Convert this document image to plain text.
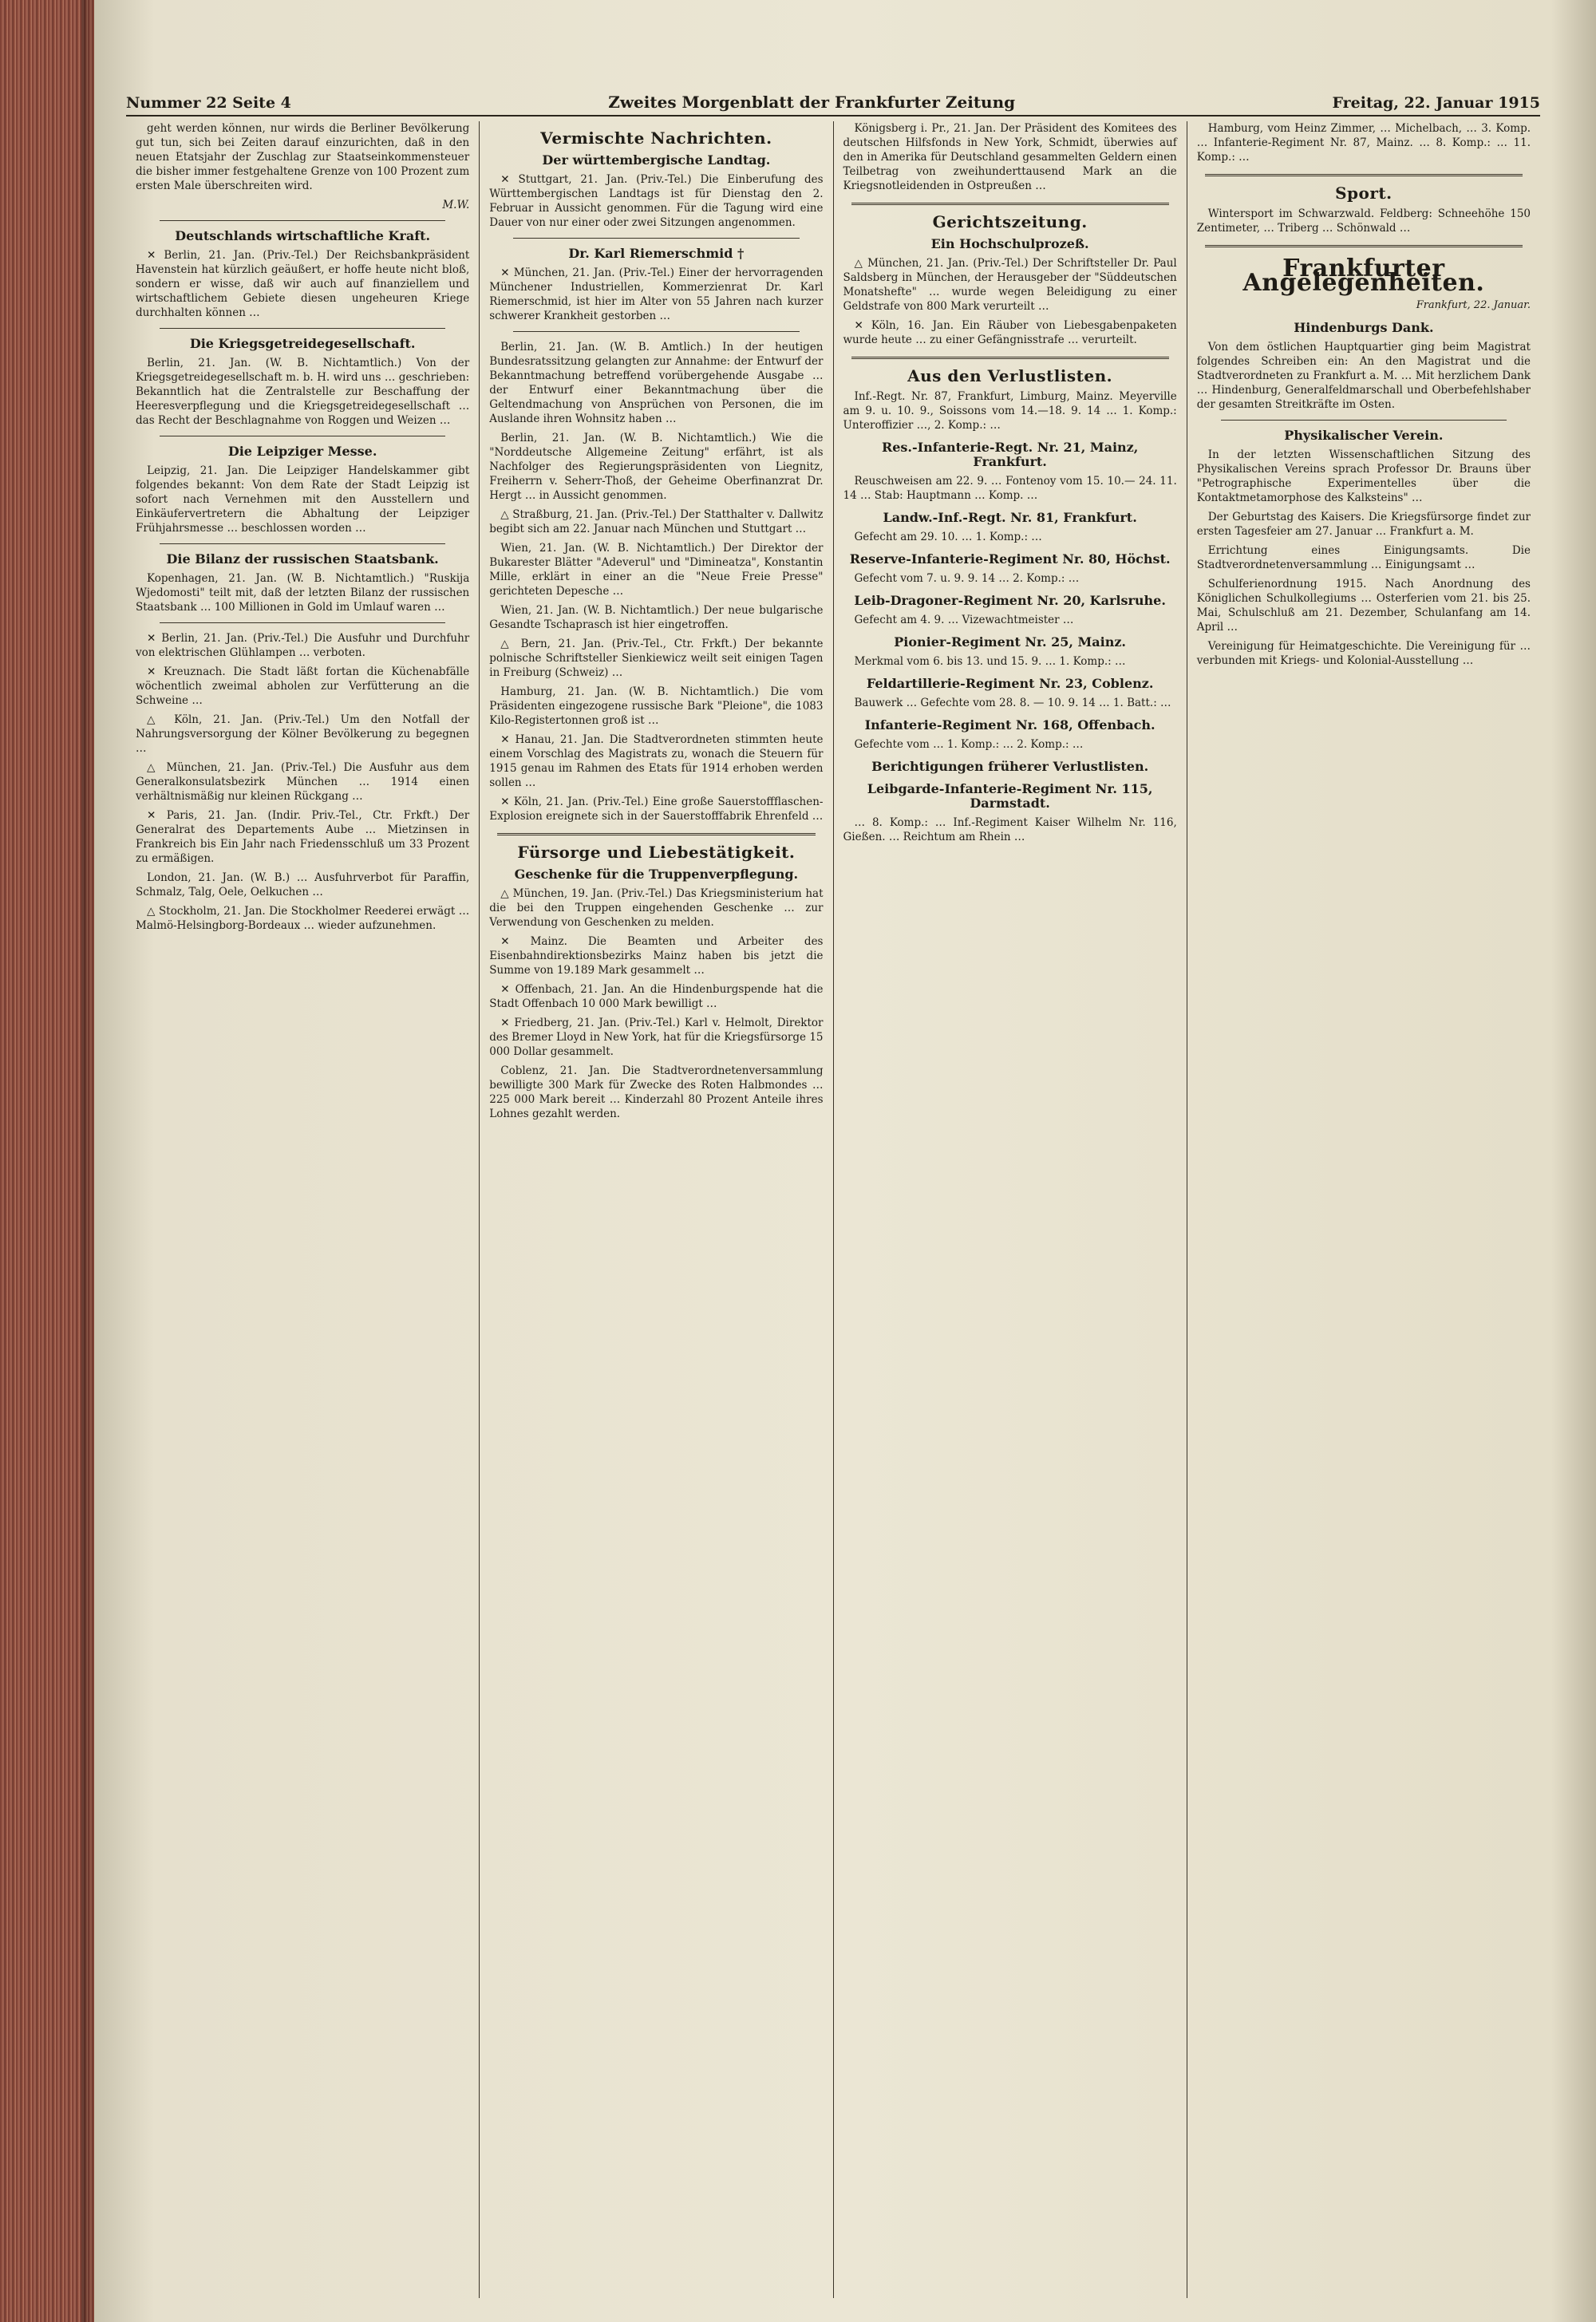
Nummer 22 Seite 4	Zweites Morgenblatt der Frankfurter Zeitung	Freitag, 22. Januar 1915

geht werden können, nur wirds die Berliner Bevölkerung gut tun, sich bei Zeiten darauf einzurichten, daß in den neuen Etatsjahr der Zuschlag zur Staatseinkommensteuer die bisher immer festgehaltene Grenze von 100 Prozent zum ersten Male überschreiten wird.

M.W.
Deutschlands wirtschaftliche Kraft.

✕ Berlin, 21. Jan. (Priv.-Tel.) Der Reichsbankpräsident Havenstein hat kürzlich geäußert, er hoffe heute nicht bloß, sondern er wisse, daß wir auch auf finanziellem und wirtschaftlichem Gebiete diesen ungeheuren Kriege durchhalten können …

Die Kriegsgetreidegesellschaft.

Berlin, 21. Jan. (W. B. Nichtamtlich.) Von der Kriegsgetreidegesellschaft m. b. H. wird uns … geschrieben: Bekanntlich hat die Zentralstelle zur Beschaffung der Heeresverpflegung und die Kriegsgetreidegesellschaft … das Recht der Beschlagnahme von Roggen und Weizen …

Die Leipziger Messe.

Leipzig, 21. Jan. Die Leipziger Handelskammer gibt folgendes bekannt: Von dem Rate der Stadt Leipzig ist sofort nach Vernehmen mit den Ausstellern und Einkäufervertretern die Abhaltung der Leipziger Frühjahrsmesse … beschlossen worden …

Die Bilanz der russischen Staatsbank.

Kopenhagen, 21. Jan. (W. B. Nichtamtlich.) "Ruskija Wjedomosti" teilt mit, daß der letzten Bilanz der russischen Staatsbank … 100 Millionen in Gold im Umlauf waren …

✕ Berlin, 21. Jan. (Priv.-Tel.) Die Ausfuhr und Durchfuhr von elektrischen Glühlampen … verboten.

✕ Kreuznach. Die Stadt läßt fortan die Küchenabfälle wöchentlich zweimal abholen zur Verfütterung an die Schweine …

△ Köln, 21. Jan. (Priv.-Tel.) Um den Notfall der Nahrungsversorgung der Kölner Bevölkerung zu begegnen …

△ München, 21. Jan. (Priv.-Tel.) Die Ausfuhr aus dem Generalkonsulatsbezirk München … 1914 einen verhältnismäßig nur kleinen Rückgang …

✕ Paris, 21. Jan. (Indir. Priv.-Tel., Ctr. Frkft.) Der Generalrat des Departements Aube … Mietzinsen in Frankreich bis Ein Jahr nach Friedensschluß um 33 Prozent zu ermäßigen.

London, 21. Jan. (W. B.) … Ausfuhrverbot für Paraffin, Schmalz, Talg, Oele, Oelkuchen …

△ Stockholm, 21. Jan. Die Stockholmer Reederei erwägt … Malmö-Helsingborg-Bordeaux … wieder aufzunehmen.

Vermischte Nachrichten.
Der württembergische Landtag.

✕ Stuttgart, 21. Jan. (Priv.-Tel.) Die Einberufung des Württembergischen Landtags ist für Dienstag den 2. Februar in Aussicht genommen. Für die Tagung wird eine Dauer von nur einer oder zwei Sitzungen angenommen.

Dr. Karl Riemerschmid †

✕ München, 21. Jan. (Priv.-Tel.) Einer der hervorragenden Münchener Industriellen, Kommerzienrat Dr. Karl Riemerschmid, ist hier im Alter von 55 Jahren nach kurzer schwerer Krankheit gestorben …

Berlin, 21. Jan. (W. B. Amtlich.) In der heutigen Bundesratssitzung gelangten zur Annahme: der Entwurf der Bekanntmachung betreffend vorübergehende Ausgabe … der Entwurf einer Bekanntmachung über die Geltendmachung von Ansprüchen von Personen, die im Auslande ihren Wohnsitz haben …

Berlin, 21. Jan. (W. B. Nichtamtlich.) Wie die "Norddeutsche Allgemeine Zeitung" erfährt, ist als Nachfolger des Regierungspräsidenten von Liegnitz, Freiherrn v. Seherr-Thoß, der Geheime Oberfinanzrat Dr. Hergt … in Aussicht genommen.

△ Straßburg, 21. Jan. (Priv.-Tel.) Der Statthalter v. Dallwitz begibt sich am 22. Januar nach München und Stuttgart …

Wien, 21. Jan. (W. B. Nichtamtlich.) Der Direktor der Bukarester Blätter "Adeverul" und "Dimineatza", Konstantin Mille, erklärt in einer an die "Neue Freie Presse" gerichteten Depesche …

Wien, 21. Jan. (W. B. Nichtamtlich.) Der neue bulgarische Gesandte Tschaprasch ist hier eingetroffen.

△ Bern, 21. Jan. (Priv.-Tel., Ctr. Frkft.) Der bekannte polnische Schriftsteller Sienkiewicz weilt seit einigen Tagen in Freiburg (Schweiz) …

Hamburg, 21. Jan. (W. B. Nichtamtlich.) Die vom Präsidenten eingezogene russische Bark "Pleione", die 1083 Kilo-Registertonnen groß ist …

✕ Hanau, 21. Jan. Die Stadtverordneten stimmten heute einem Vorschlag des Magistrats zu, wonach die Steuern für 1915 genau im Rahmen des Etats für 1914 erhoben werden sollen …

✕ Köln, 21. Jan. (Priv.-Tel.) Eine große Sauerstoffflaschen-Explosion ereignete sich in der Sauerstofffabrik Ehrenfeld …

Fürsorge und Liebestätigkeit.
Geschenke für die Truppenverpflegung.

△ München, 19. Jan. (Priv.-Tel.) Das Kriegsministerium hat die bei den Truppen eingehenden Geschenke … zur Verwendung von Geschenken zu melden.

✕ Mainz. Die Beamten und Arbeiter des Eisenbahndirektionsbezirks Mainz haben bis jetzt die Summe von 19.189 Mark gesammelt …

✕ Offenbach, 21. Jan. An die Hindenburgspende hat die Stadt Offenbach 10 000 Mark bewilligt …

✕ Friedberg, 21. Jan. (Priv.-Tel.) Karl v. Helmolt, Direktor des Bremer Lloyd in New York, hat für die Kriegsfürsorge 15 000 Dollar gesammelt.

Coblenz, 21. Jan. Die Stadtverordnetenversammlung bewilligte 300 Mark für Zwecke des Roten Halbmondes … 225 000 Mark bereit … Kinderzahl 80 Prozent Anteile ihres Lohnes gezahlt werden.

Königsberg i. Pr., 21. Jan. Der Präsident des Komitees des deutschen Hilfsfonds in New York, Schmidt, überwies auf den in Amerika für Deutschland gesammelten Geldern einen Teilbetrag von zweihunderttausend Mark an die Kriegsnotleidenden in Ostpreußen …

Gerichtszeitung.
Ein Hochschulprozeß.

△ München, 21. Jan. (Priv.-Tel.) Der Schriftsteller Dr. Paul Saldsberg in München, der Herausgeber der "Süddeutschen Monatshefte" … wurde wegen Beleidigung zu einer Geldstrafe von 800 Mark verurteilt …

✕ Köln, 16. Jan. Ein Räuber von Liebesgabenpaketen wurde heute … zu einer Gefängnisstrafe … verurteilt.

Aus den Verlustlisten.

Inf.-Regt. Nr. 87, Frankfurt, Limburg, Mainz. Meyerville am 9. u. 10. 9., Soissons vom 14.—18. 9. 14 … 1. Komp.: Unteroffizier …, 2. Komp.: …

Res.-Infanterie-Regt. Nr. 21, Mainz, Frankfurt.

Reuschweisen am 22. 9. … Fontenoy vom 15. 10.— 24. 11. 14 … Stab: Hauptmann … Komp. …

Landw.-Inf.-Regt. Nr. 81, Frankfurt.

Gefecht am 29. 10. … 1. Komp.: …

Reserve-Infanterie-Regiment Nr. 80, Höchst.

Gefecht vom 7. u. 9. 9. 14 … 2. Komp.: …

Leib-Dragoner-Regiment Nr. 20, Karlsruhe.

Gefecht am 4. 9. … Vizewachtmeister …

Pionier-Regiment Nr. 25, Mainz.

Merkmal vom 6. bis 13. und 15. 9. … 1. Komp.: …

Feldartillerie-Regiment Nr. 23, Coblenz.

Bauwerk … Gefechte vom 28. 8. — 10. 9. 14 … 1. Batt.: …

Infanterie-Regiment Nr. 168, Offenbach.

Gefechte vom … 1. Komp.: … 2. Komp.: …

Berichtigungen früherer Verlustlisten.
Leibgarde-Infanterie-Regiment Nr. 115, Darmstadt.

… 8. Komp.: … Inf.-Regiment Kaiser Wilhelm Nr. 116, Gießen. … Reichtum am Rhein …

Hamburg, vom Heinz Zimmer, … Michelbach, … 3. Komp. … Infanterie-Regiment Nr. 87, Mainz. … 8. Komp.: … 11. Komp.: …

Sport.

Wintersport im Schwarzwald. Feldberg: Schneehöhe 150 Zentimeter, … Triberg … Schönwald …

Frankfurter Angelegenheiten.
Frankfurt, 22. Januar.
Hindenburgs Dank.

Von dem östlichen Hauptquartier ging beim Magistrat folgendes Schreiben ein: An den Magistrat und die Stadtverordneten zu Frankfurt a. M. … Mit herzlichem Dank … Hindenburg, Generalfeldmarschall und Oberbefehlshaber der gesamten Streitkräfte im Osten.

Physikalischer Verein.

In der letzten Wissenschaftlichen Sitzung des Physikalischen Vereins sprach Professor Dr. Brauns über "Petrographische Experimentelles über die Kontaktmetamorphose des Kalksteins" …

Der Geburtstag des Kaisers. Die Kriegsfürsorge findet zur ersten Tagesfeier am 27. Januar … Frankfurt a. M.

Errichtung eines Einigungsamts. Die Stadtverordnetenversammlung … Einigungsamt …

Schulferienordnung 1915. Nach Anordnung des Königlichen Schulkollegiums … Osterferien vom 21. bis 25. Mai, Schulschluß am 21. Dezember, Schulanfang am 14. April …

Vereinigung für Heimatgeschichte. Die Vereinigung für … verbunden mit Kriegs- und Kolonial-Ausstellung …
